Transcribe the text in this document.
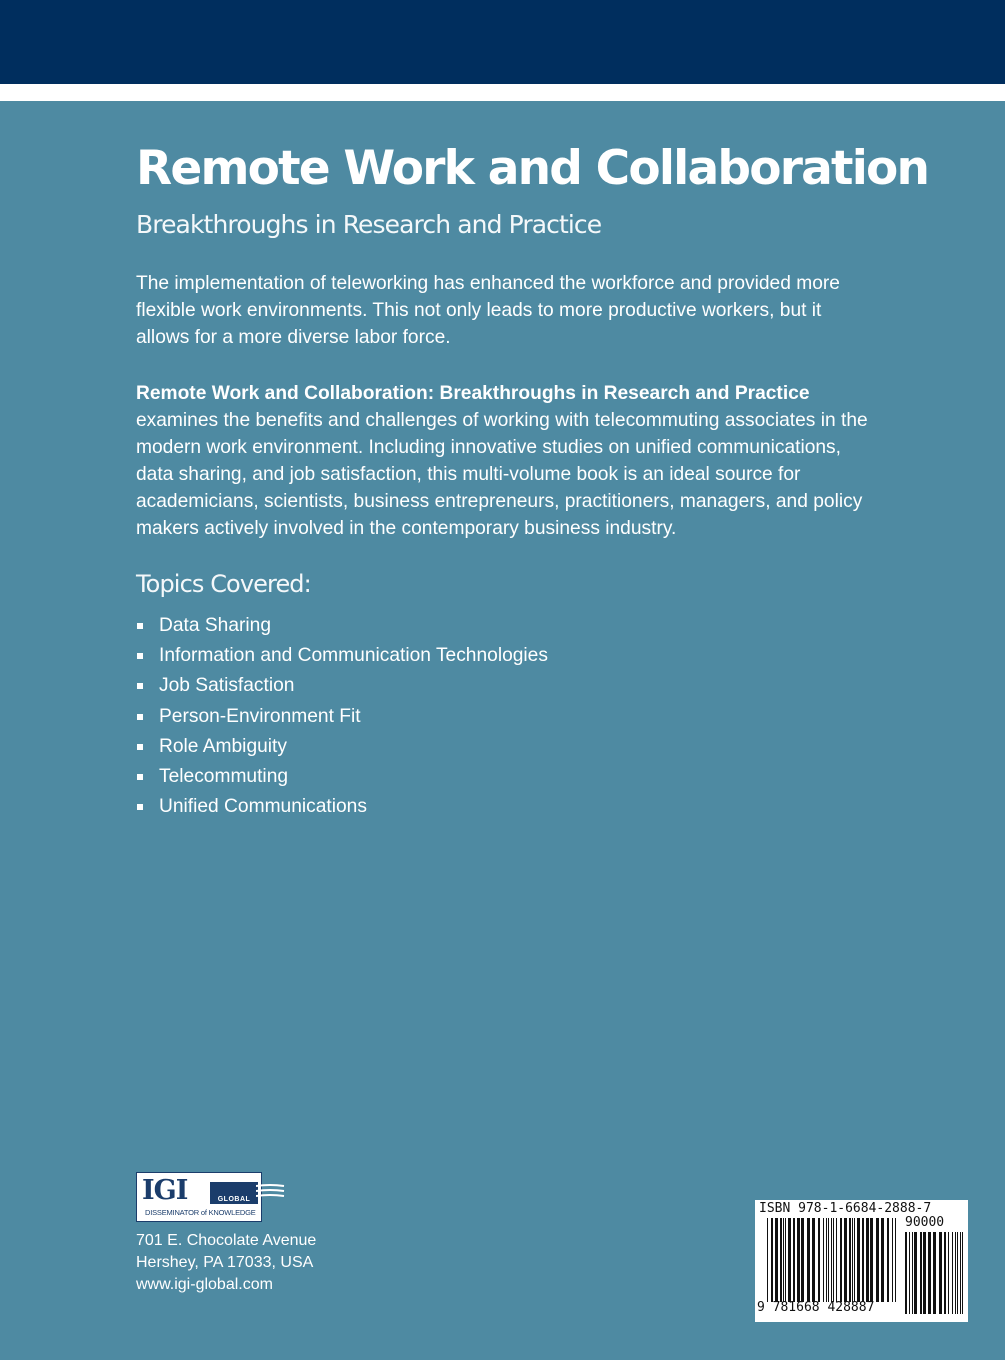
Remote Work and Collaboration
Breakthroughs in Research and Practice

The implementation of teleworking has enhanced the workforce and provided more flexible work environments. This not only leads to more productive workers, but it allows for a more diverse labor force.

Remote Work and Collaboration: Breakthroughs in Research and Practice examines the benefits and challenges of working with telecommuting associates in the modern work environment. Including innovative studies on unified communications, data sharing, and job satisfaction, this multi-volume book is an ideal source for academicians, scientists, business entrepreneurs, practitioners, managers, and policy makers actively involved in the contemporary business industry.

Topics Covered:
Data Sharing
Information and Communication Technologies
Job Satisfaction
Person-Environment Fit
Role Ambiguity
Telecommuting
Unified Communications
IGI	GLOBAL
DISSEMINATOR of KNOWLEDGE
701 E. Chocolate Avenue
Hershey, PA 17033, USA
www.igi-global.com
ISBN 978-1-6684-2888-7
90000
9 781668 428887
